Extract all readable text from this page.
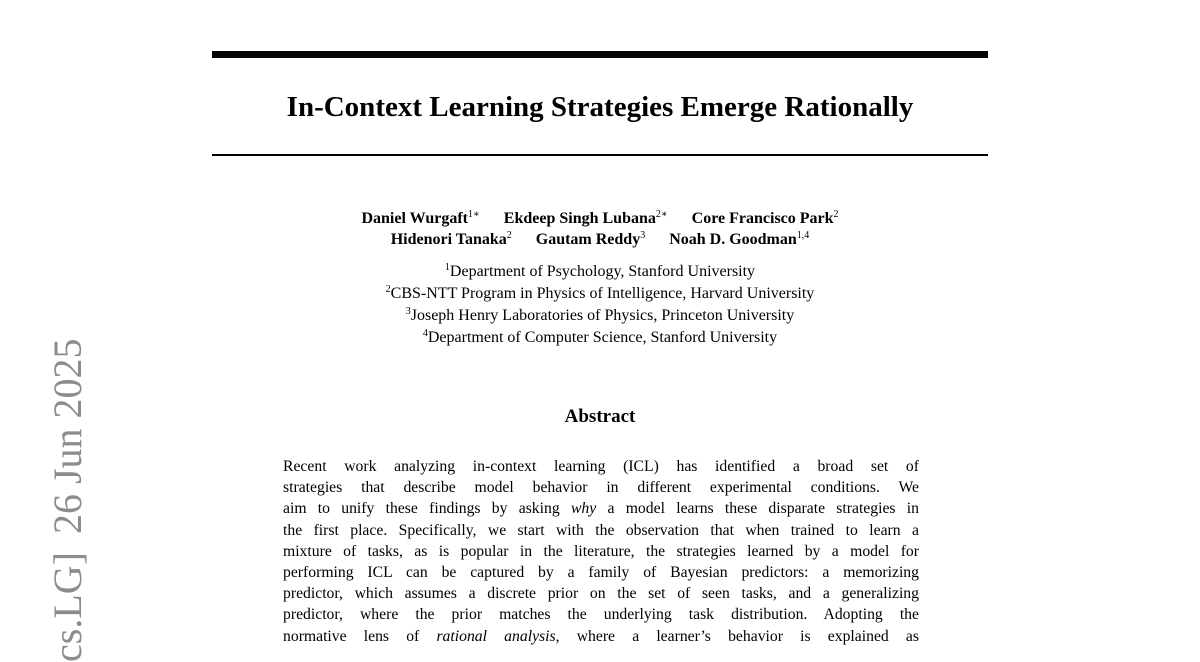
In-Context Learning Strategies Emerge Rationally
Daniel Wurgaft$^{1∗}$ Ekdeep Singh Lubana$^{2∗}$ Core Francisco Park$^2$
Hidenori Tanaka$^2$ Gautam Reddy$^3$ Noah D. Goodman$^{1,4}$
$^1$Department of Psychology, Stanford University
$^2$CBS-NTT Program in Physics of Intelligence, Harvard University
$^3$Joseph Henry Laboratories of Physics, Princeton University
$^4$Department of Computer Science, Stanford University
Abstract
Recent work analyzing in-context learning (ICL) has identified a broad set of
strategies that describe model behavior in different experimental conditions. We
aim to unify these findings by asking why a model learns these disparate strategies in
the first place. Specifically, we start with the observation that when trained to learn a
mixture of tasks, as is popular in the literature, the strategies learned by a model for
performing ICL can be captured by a family of Bayesian predictors: a memorizing
predictor, which assumes a discrete prior on the set of seen tasks, and a generalizing
predictor, where the prior matches the underlying task distribution. Adopting the
normative lens of rational analysis, where a learner’s behavior is explained as
cs.LG]26 Jun 2025
